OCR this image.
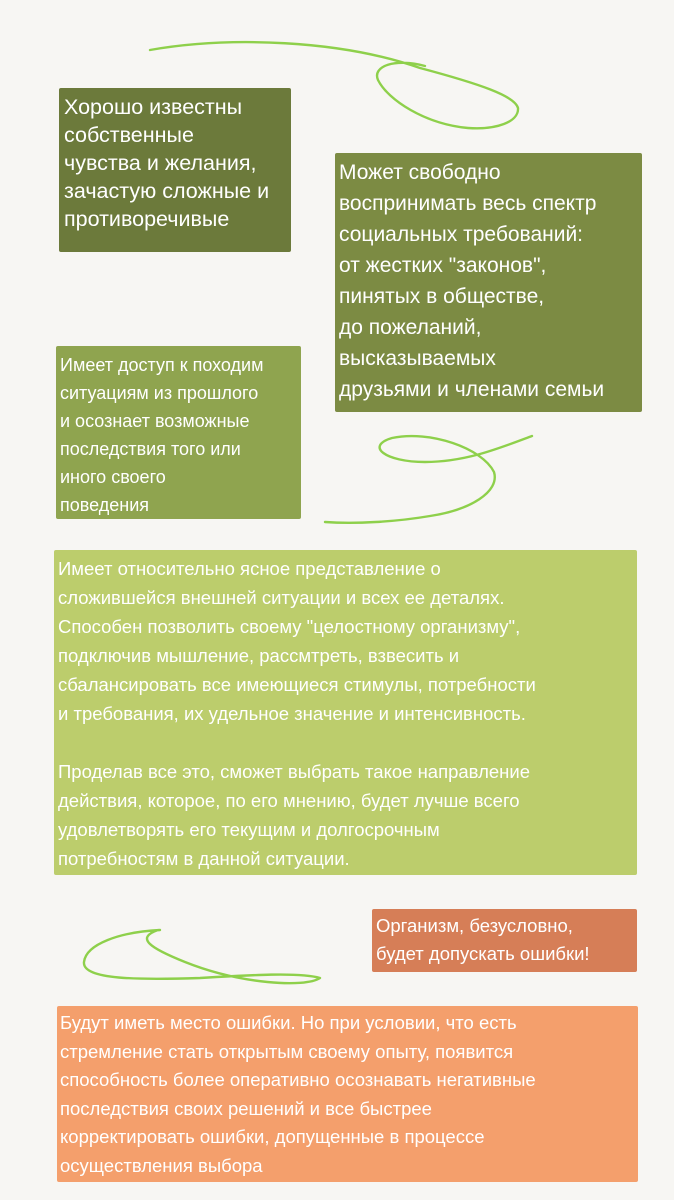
Хорошо известны
собственные
чувства и желания,
зачастую сложные и
противоречивые

Может свободно
воспринимать весь спектр
социальных требований:
от жестких "законов",
пинятых в обществе,
до пожеланий,
высказываемых
друзьями и членами семьи

Имеет доступ к походим
ситуациям из прошлого
и осознает возможные
последствия того или
иного своего
поведения

Имеет относительно ясное представление о
сложившейся внешней ситуации и всех ее деталях.
Способен позволить своему "целостному организму",
подключив мышление, рассмтреть, взвесить и
сбалансировать все имеющиеся стимулы, потребности
и требования, их удельное значение и интенсивность.

Проделав все это, сможет выбрать такое направление
действия, которое, по его мнению, будет лучше всего
удовлетворять его текущим и долгосрочным
потребностям в данной ситуации.

Организм, безусловно,
будет допускать ошибки!

Будут иметь место ошибки. Но при условии, что есть
стремление стать открытым своему опыту, появится
способность более оперативно осознавать негативные
последствия своих решений и все быстрее
корректировать ошибки, допущенные в процессе
осуществления выбора
